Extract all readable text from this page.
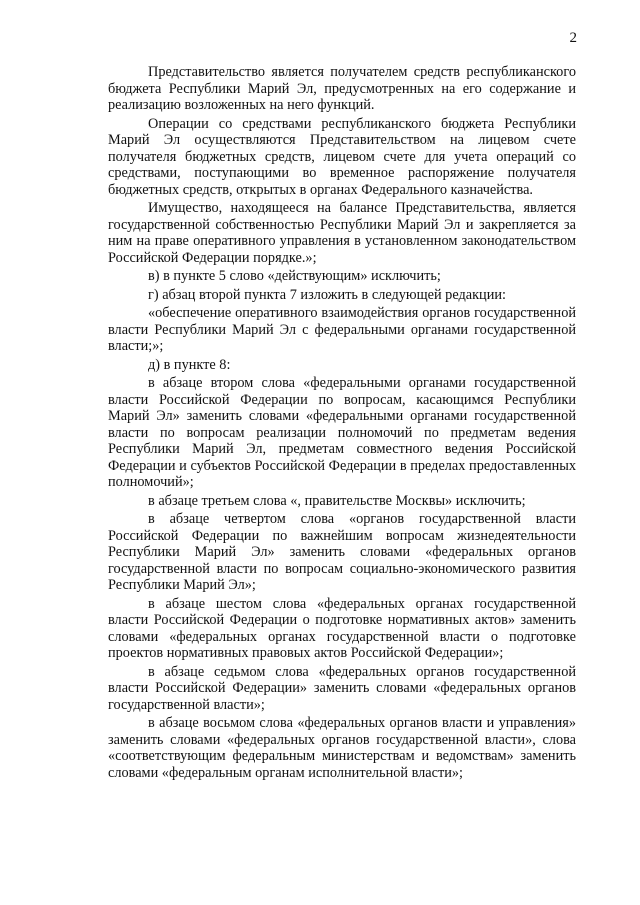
2

Представительство является получателем средств республиканского бюджета Республики Марий Эл, предусмотренных на его содержание и реализацию возложенных на него функций.

Операции со средствами республиканского бюджета Республики Марий Эл осуществляются Представительством на лицевом счете получателя бюджетных средств, лицевом счете для учета операций со средствами, поступающими во временное распоряжение получателя бюджетных средств, открытых в органах Федерального казначейства.

Имущество, находящееся на балансе Представительства, является государственной собственностью Республики Марий Эл и закрепляется за ним на праве оперативного управления в установленном законодательством Российской Федерации порядке.»;

в) в пункте 5 слово «действующим» исключить;

г) абзац второй пункта 7 изложить в следующей редакции:

«обеспечение оперативного взаимодействия органов государственной власти Республики Марий Эл с федеральными органами государственной власти;»;

д) в пункте 8:

в абзаце втором слова «федеральными органами государственной власти Российской Федерации по вопросам, касающимся Республики Марий Эл» заменить словами «федеральными органами государственной власти по вопросам реализации полномочий по предметам ведения Республики Марий Эл, предметам совместного ведения Российской Федерации и субъектов Российской Федерации в пределах предоставленных полномочий»;

в абзаце третьем слова «, правительстве Москвы» исключить;

в абзаце четвертом слова «органов государственной власти Российской Федерации по важнейшим вопросам жизнедеятельности Республики Марий Эл» заменить словами «федеральных органов государственной власти по вопросам социально-экономического развития Республики Марий Эл»;

в абзаце шестом слова «федеральных органах государственной власти Российской Федерации о подготовке нормативных актов» заменить словами «федеральных органах государственной власти о подготовке проектов нормативных правовых актов Российской Федерации»;

в абзаце седьмом слова «федеральных органов государственной власти Российской Федерации» заменить словами «федеральных органов государственной власти»;

в абзаце восьмом слова «федеральных органов власти и управления» заменить словами «федеральных органов государственной власти», слова «соответствующим федеральным министерствам и ведомствам» заменить словами «федеральным органам исполнительной власти»;
